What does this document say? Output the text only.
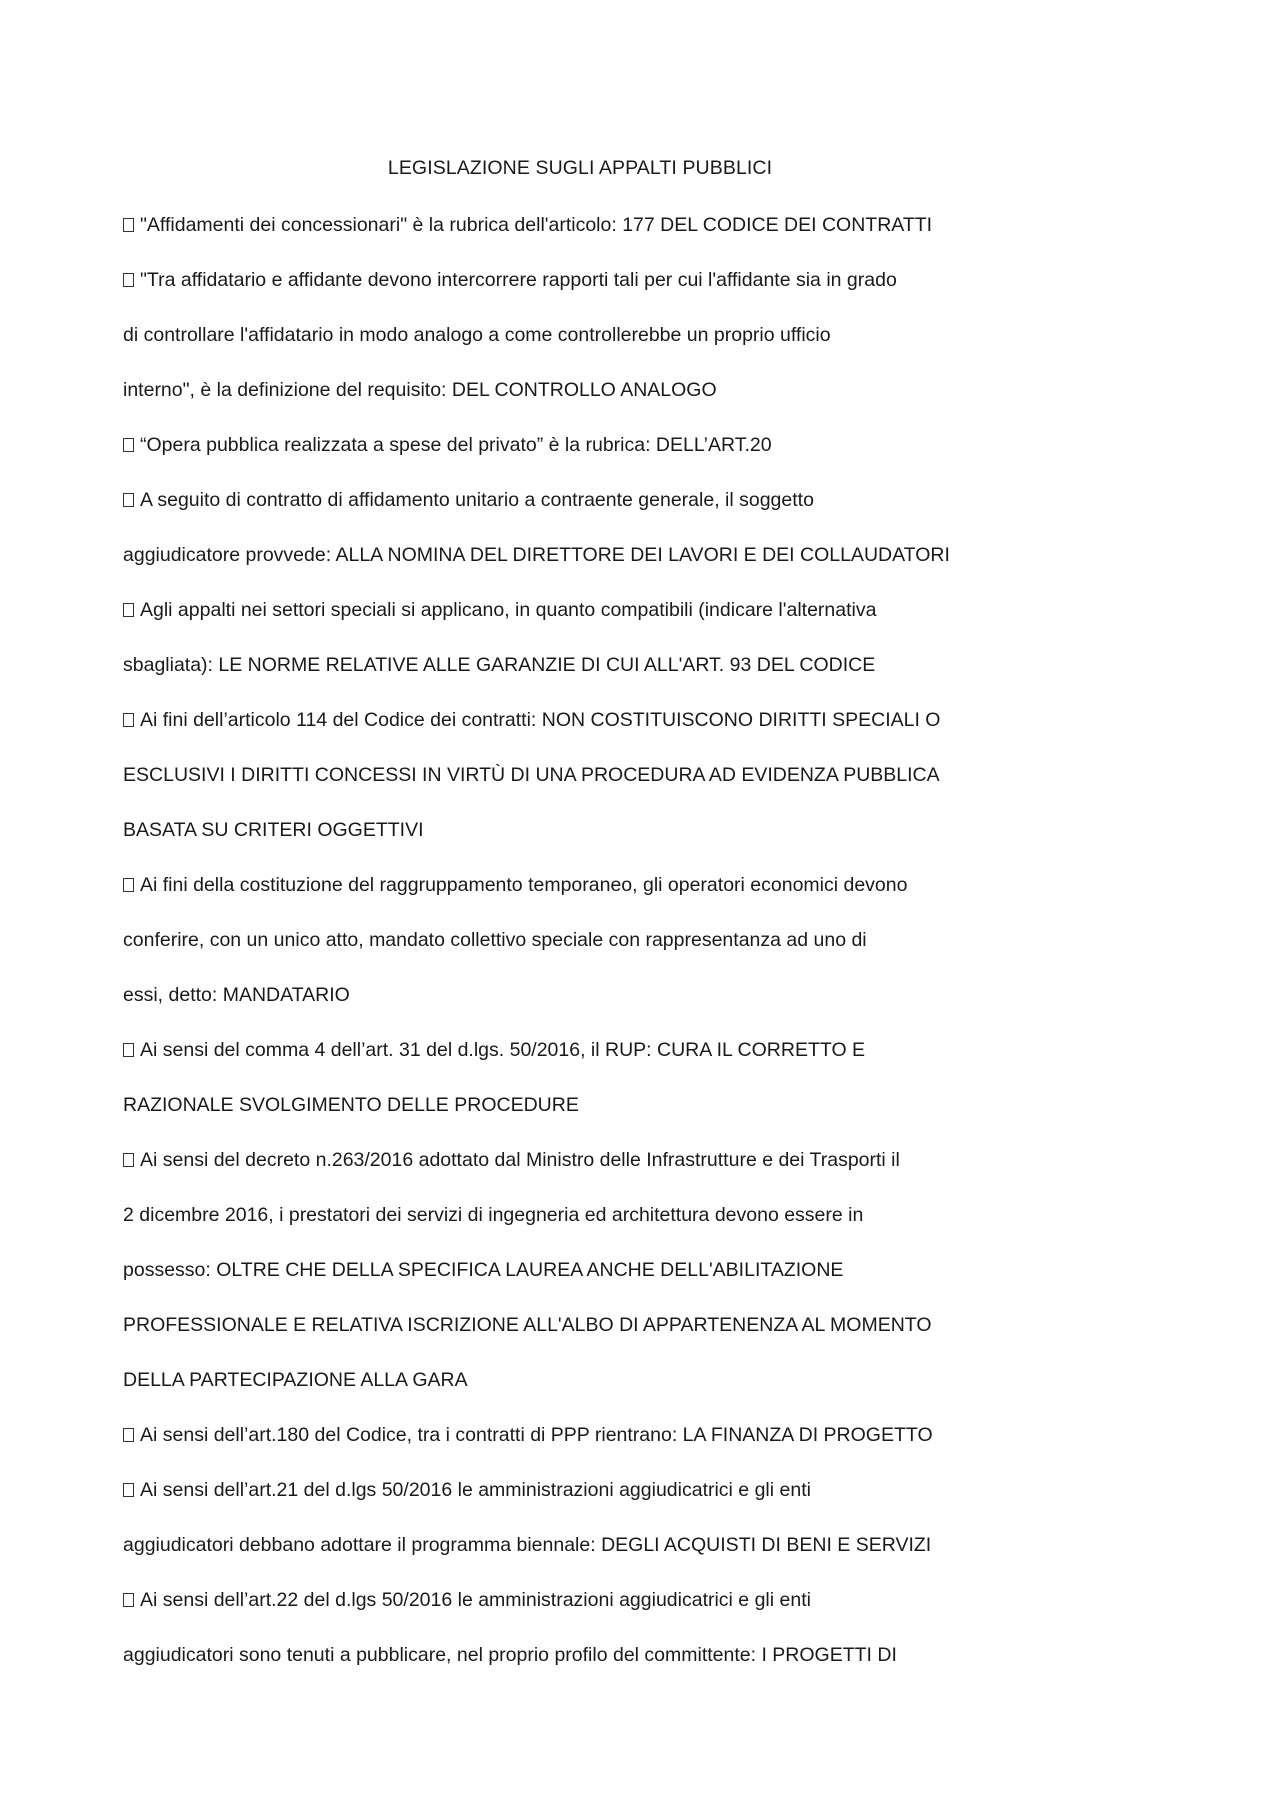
LEGISLAZIONE SUGLI APPALTI PUBBLICI
"Affidamenti dei concessionari" è la rubrica dell'articolo: 177 DEL CODICE DEI CONTRATTI
"Tra affidatario e affidante devono intercorrere rapporti tali per cui l'affidante sia in grado
di controllare l'affidatario in modo analogo a come controllerebbe un proprio ufficio
interno", è la definizione del requisito: DEL CONTROLLO ANALOGO
“Opera pubblica realizzata a spese del privato” è la rubrica: DELL’ART.20
A seguito di contratto di affidamento unitario a contraente generale, il soggetto
aggiudicatore provvede: ALLA NOMINA DEL DIRETTORE DEI LAVORI E DEI COLLAUDATORI
Agli appalti nei settori speciali si applicano, in quanto compatibili (indicare l'alternativa
sbagliata): LE NORME RELATIVE ALLE GARANZIE DI CUI ALL'ART. 93 DEL CODICE
Ai fini dell’articolo 114 del Codice dei contratti: NON COSTITUISCONO DIRITTI SPECIALI O
ESCLUSIVI I DIRITTI CONCESSI IN VIRTÙ DI UNA PROCEDURA AD EVIDENZA PUBBLICA
BASATA SU CRITERI OGGETTIVI
Ai fini della costituzione del raggruppamento temporaneo, gli operatori economici devono
conferire, con un unico atto, mandato collettivo speciale con rappresentanza ad uno di
essi, detto: MANDATARIO
Ai sensi del comma 4 dell’art. 31 del d.lgs. 50/2016, il RUP: CURA IL CORRETTO E
RAZIONALE SVOLGIMENTO DELLE PROCEDURE
Ai sensi del decreto n.263/2016 adottato dal Ministro delle Infrastrutture e dei Trasporti il
2 dicembre 2016, i prestatori dei servizi di ingegneria ed architettura devono essere in
possesso: OLTRE CHE DELLA SPECIFICA LAUREA ANCHE DELL'ABILITAZIONE
PROFESSIONALE E RELATIVA ISCRIZIONE ALL'ALBO DI APPARTENENZA AL MOMENTO
DELLA PARTECIPAZIONE ALLA GARA
Ai sensi dell’art.180 del Codice, tra i contratti di PPP rientrano: LA FINANZA DI PROGETTO
Ai sensi dell’art.21 del d.lgs 50/2016 le amministrazioni aggiudicatrici e gli enti
aggiudicatori debbano adottare il programma biennale: DEGLI ACQUISTI DI BENI E SERVIZI
Ai sensi dell’art.22 del d.lgs 50/2016 le amministrazioni aggiudicatrici e gli enti
aggiudicatori sono tenuti a pubblicare, nel proprio profilo del committente: I PROGETTI DI
